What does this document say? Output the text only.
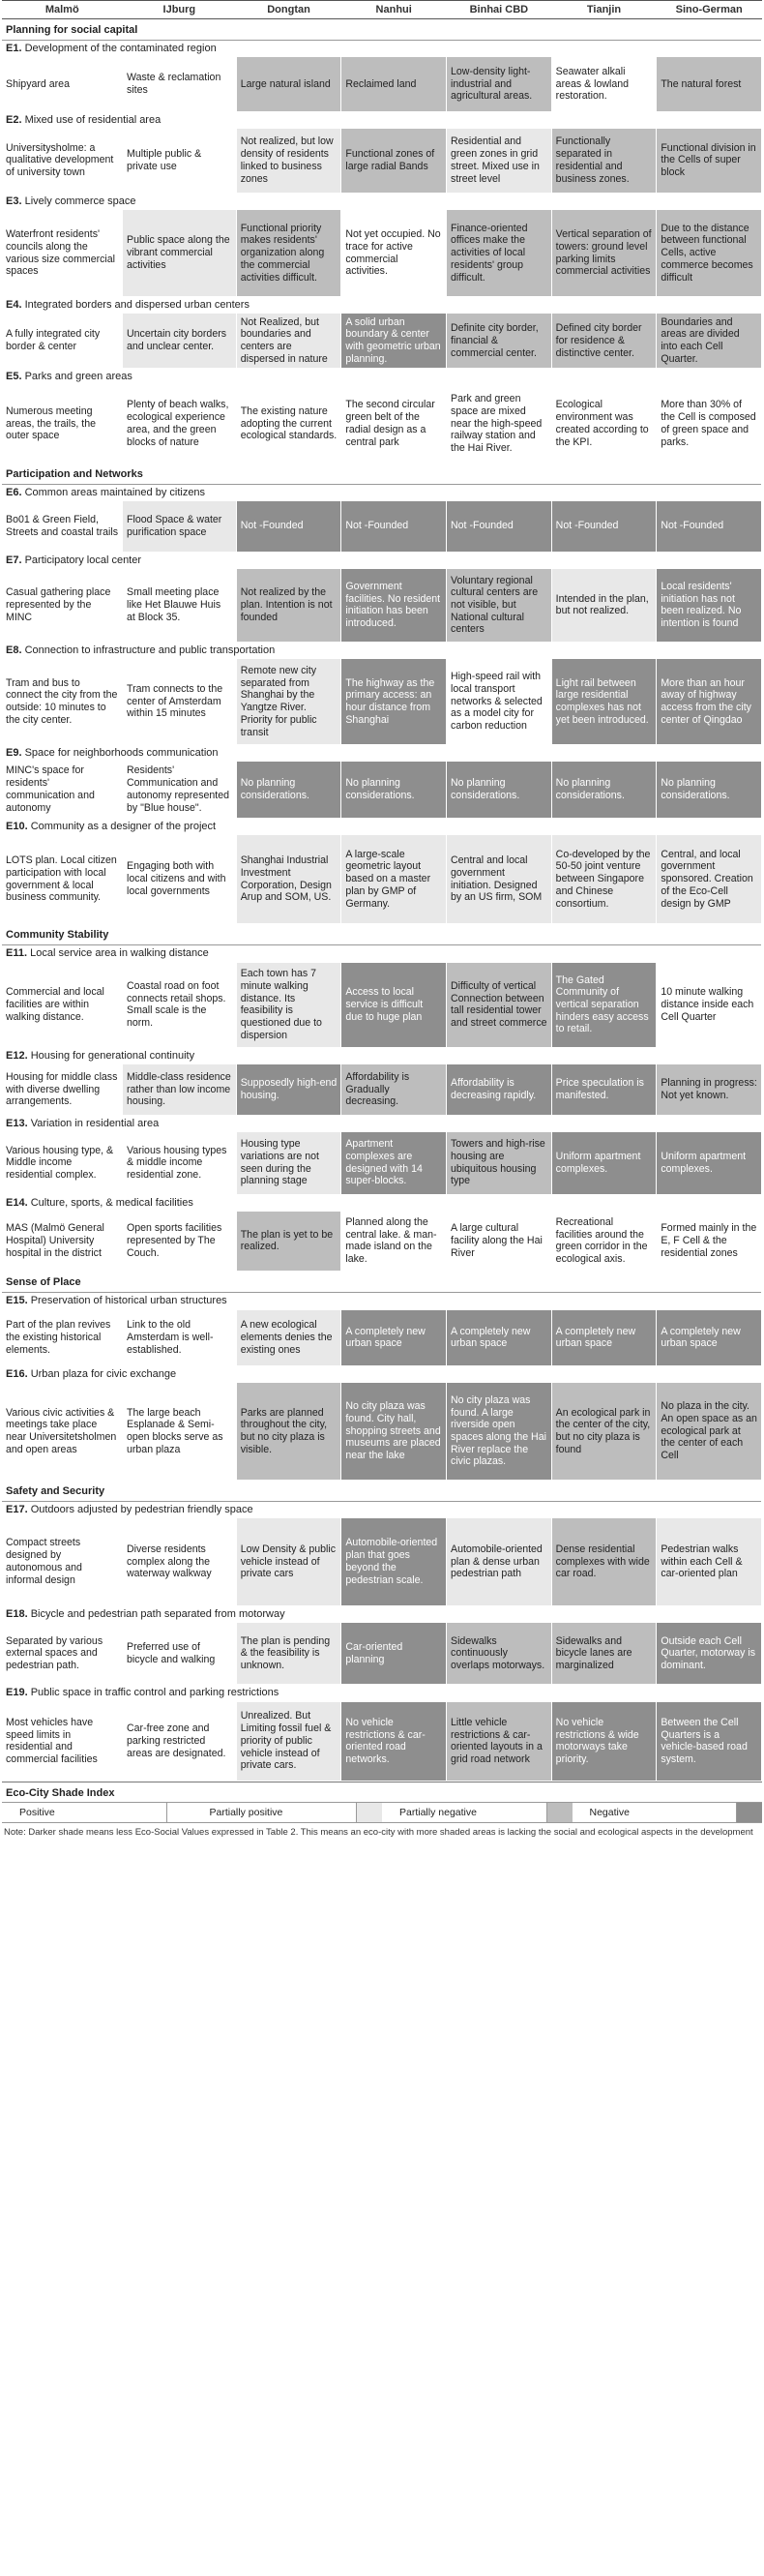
Malmö	IJburg	Dongtan	Nanhui	Binhai CBD	Tianjin	Sino-German
Planning for social capital						
E1. Development of the contaminated region						
Shipyard area	Waste & reclamation sites	Large natural island	Reclaimed land	Low-density light-industrial and agricultural areas.	Seawater alkali areas & lowland restoration.	The natural forest
E2. Mixed use of residential area						
Universitysholme: a qualitative development of university town	Multiple public & private use	Not realized, but low density of residents linked to business zones	Functional zones of large radial Bands	Residential and green zones in grid street. Mixed use in street level	Functionally separated in residential and business zones.	Functional division in the Cells of super block
E3. Lively commerce space						
Waterfront residents' councils along the various size commercial spaces	Public space along the vibrant commercial activities	Functional priority makes residents' organization along the commercial activities difficult.	Not yet occupied. No trace for active commercial activities.	Finance-oriented offices make the activities of local residents' group difficult.	Vertical separation of towers: ground level parking limits commercial activities	Due to the distance between functional Cells, active commerce becomes difficult
E4. Integrated borders and dispersed urban centers						
A fully integrated city border & center	Uncertain city borders and unclear center.	Not Realized, but boundaries and centers are dispersed in nature	A solid urban boundary & center with geometric urban planning.	Definite city border, financial & commercial center.	Defined city border for residence & distinctive center.	Boundaries and areas are divided into each Cell Quarter.
E5. Parks and green areas						
Numerous meeting areas, the trails, the outer space	Plenty of beach walks, ecological experience area, and the green blocks of nature	The existing nature adopting the current ecological standards.	The second circular green belt of the radial design as a central park	Park and green space are mixed near the high-speed railway station and the Hai River.	Ecological environment was created according to the KPI.	More than 30% of the Cell is composed of green space and parks.
Participation and Networks						
E6. Common areas maintained by citizens						
Bo01 & Green Field, Streets and coastal trails	Flood Space & water purification space	Not -Founded	Not -Founded	Not -Founded	Not -Founded	Not -Founded
E7. Participatory local center						
Casual gathering place represented by the MINC	Small meeting place like Het Blauwe Huis at Block 35.	Not realized by the plan. Intention is not founded	Government facilities. No resident initiation has been introduced.	Voluntary regional cultural centers are not visible, but National cultural centers	Intended in the plan, but not realized.	Local residents' initiation has not been realized. No intention is found
E8. Connection to infrastructure and public transportation						
Tram and bus to connect the city from the outside: 10 minutes to the city center.	Tram connects to the center of Amsterdam within 15 minutes	Remote new city separated from Shanghai by the Yangtze River. Priority for public transit	The highway as the primary access: an hour distance from Shanghai	High-speed rail with local transport networks & selected as a model city for carbon reduction	Light rail between large residential complexes has not yet been introduced.	More than an hour away of highway access from the city center of Qingdao
E9. Space for neighborhoods communication						
MINC's space for residents' communication and autonomy	Residents' Communication and autonomy represented by "Blue house".	No planning considerations.	No planning considerations.	No planning considerations.	No planning considerations.	No planning considerations.
E10. Community as a designer of the project						
LOTS plan. Local citizen participation with local government & local business community.	Engaging both with local citizens and with local governments	Shanghai Industrial Investment Corporation, Design Arup and SOM, US.	A large-scale geometric layout based on a master plan by GMP of Germany.	Central and local government initiation. Designed by an US firm, SOM	Co-developed by the 50-50 joint venture between Singapore and Chinese consortium.	Central, and local government sponsored. Creation of the Eco-Cell design by GMP
Community Stability						
E11. Local service area in walking distance						
Commercial and local facilities are within walking distance.	Coastal road on foot connects retail shops. Small scale is the norm.	Each town has 7 minute walking distance. Its feasibility is questioned due to dispersion	Access to local service is difficult due to huge plan	Difficulty of vertical Connection between tall residential tower and street commerce	The Gated Community of vertical separation hinders easy access to retail.	10 minute walking distance inside each Cell Quarter
E12. Housing for generational continuity						
Housing for middle class with diverse dwelling arrangements.	Middle-class residence rather than low income housing.	Supposedly high-end housing.	Affordability is Gradually decreasing.	Affordability is decreasing rapidly.	Price speculation is manifested.	Planning in progress: Not yet known.
E13. Variation in residential area						
Various housing type, & Middle income residential complex.	Various housing types & middle income residential zone.	Housing type variations are not seen during the planning stage	Apartment complexes are designed with 14 super-blocks.	Towers and high-rise housing are ubiquitous housing type	Uniform apartment complexes.	Uniform apartment complexes.
E14. Culture, sports, & medical facilities						
MAS (Malmö General Hospital) University hospital in the district	Open sports facilities represented by The Couch.	The plan is yet to be realized.	Planned along the central lake. & man-made island on the lake.	A large cultural facility along the Hai River	Recreational facilities around the green corridor in the ecological axis.	Formed mainly in the E, F Cell & the residential zones
Sense of Place						
E15. Preservation of historical urban structures						
Part of the plan revives the existing historical elements.	Link to the old Amsterdam is well-established.	A new ecological elements denies the existing ones	A completely new urban space	A completely new urban space	A completely new urban space	A completely new urban space
E16. Urban plaza for civic exchange						
Various civic activities & meetings take place near Universitetsholmen and open areas	The large beach Esplanade & Semi-open blocks serve as urban plaza	Parks are planned throughout the city, but no city plaza is visible.	No city plaza was found. City hall, shopping streets and museums are placed near the lake	No city plaza was found. A large riverside open spaces along the Hai River replace the civic plazas.	An ecological park in the center of the city, but no city plaza is found	No plaza in the city. An open space as an ecological park at the center of each Cell
Safety and Security						
E17. Outdoors adjusted by pedestrian friendly space						
Compact streets designed by autonomous and informal design	Diverse residents complex along the waterway walkway	Low Density & public vehicle instead of private cars	Automobile-oriented plan that goes beyond the pedestrian scale.	Automobile-oriented plan & dense urban pedestrian path	Dense residential complexes with wide car road.	Pedestrian walks within each Cell & car-oriented plan
E18. Bicycle and pedestrian path separated from motorway						
Separated by various external spaces and pedestrian path.	Preferred use of bicycle and walking	The plan is pending & the feasibility is unknown.	Car-oriented planning	Sidewalks continuously overlaps motorways.	Sidewalks and bicycle lanes are marginalized	Outside each Cell Quarter, motorway is dominant.
E19. Public space in traffic control and parking restrictions						
Most vehicles have speed limits in residential and commercial facilities	Car-free zone and parking restricted areas are designated.	Unrealized. But Limiting fossil fuel & priority of public vehicle instead of private cars.	No vehicle restrictions & car-oriented road networks.	Little vehicle restrictions & car-oriented layouts in a grid road network	No vehicle restrictions & wide motorways take priority.	Between the Cell Quarters is a vehicle-based road system.
Eco-City Shade Index
Positive	Partially positive	Partially negative	Negative
Note: Darker shade means less Eco-Social Values expressed in Table 2. This means an eco-city with more shaded areas is lacking the social and ecological aspects in the development
